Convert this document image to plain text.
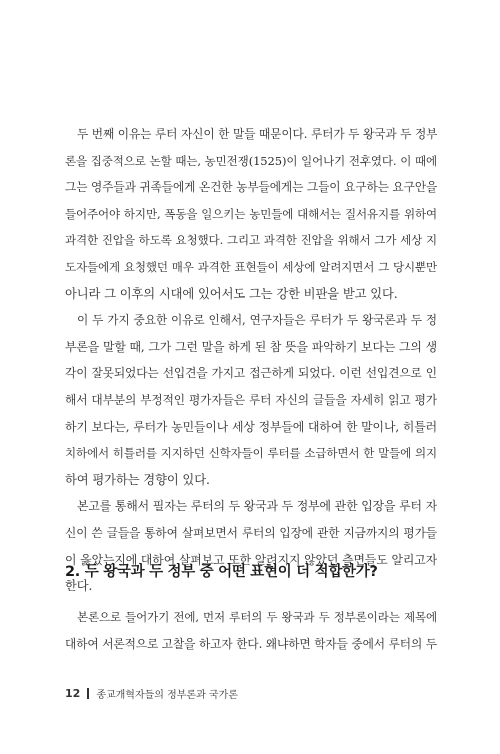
두 번째 이유는 루터 자신이 한 말들 때문이다. 루터가 두 왕국과 두 정부
론을 집중적으로 논할 때는, 농민전쟁(1525)이 일어나기 전후였다. 이 때에
그는 영주들과 귀족들에게 온건한 농부들에게는 그들이 요구하는 요구안을
들어주어야 하지만, 폭동을 일으키는 농민들에 대해서는 질서유지를 위하여
과격한 진압을 하도록 요청했다. 그리고 과격한 진압을 위해서 그가 세상 지
도자들에게 요청했던 매우 과격한 표현들이 세상에 알려지면서 그 당시뿐만
아니라 그 이후의 시대에 있어서도 그는 강한 비판을 받고 있다.
이 두 가지 중요한 이유로 인해서, 연구자들은 루터가 두 왕국론과 두 정
부론을 말할 때, 그가 그런 말을 하게 된 참 뜻을 파악하기 보다는 그의 생
각이 잘못되었다는 선입견을 가지고 접근하게 되었다. 이런 선입견으로 인
해서 대부분의 부정적인 평가자들은 루터 자신의 글들을 자세히 읽고 평가
하기 보다는, 루터가 농민들이나 세상 정부들에 대하여 한 말이나, 히틀러
치하에서 히틀러를 지지하던 신학자들이 루터를 소급하면서 한 말들에 의지
하여 평가하는 경향이 있다.
본고를 통해서 필자는 루터의 두 왕국과 두 정부에 관한 입장을 루터 자
신이 쓴 글들을 통하여 살펴보면서 루터의 입장에 관한 지금까지의 평가들
이 옳았는지에 대하여 살펴보고 또한 알려지지 않았던 측면들도 알리고자
한다.
2. 두 왕국과 두 정부 중 어떤 표현이 더 적합한가?
본론으로 들어가기 전에, 먼저 루터의 두 왕국과 두 정부론이라는 제목에
대하여 서론적으로 고찰을 하고자 한다. 왜냐하면 학자들 중에서 루터의 두
12 종교개혁자들의 정부론과 국가론
